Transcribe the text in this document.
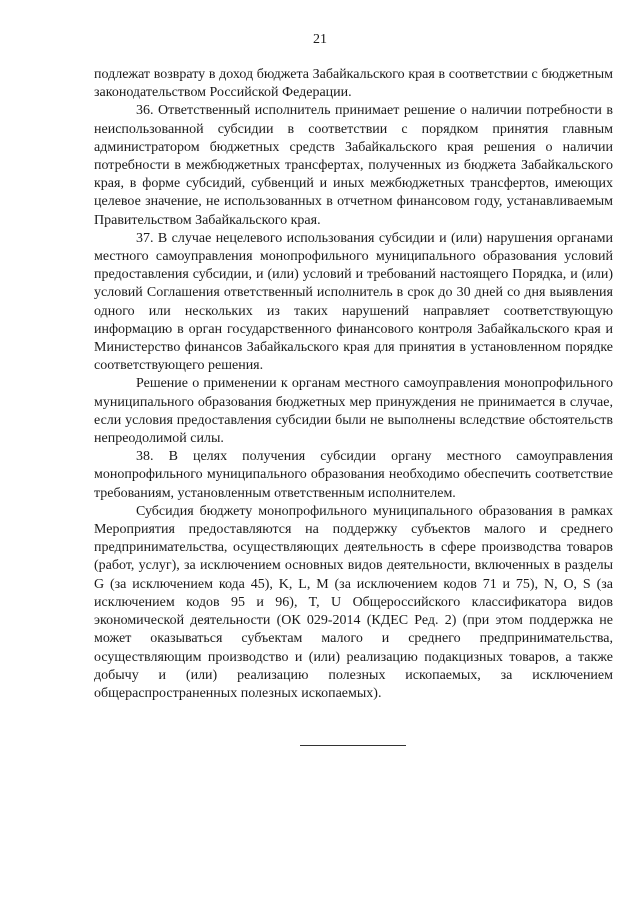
21

подлежат возврату в доход бюджета Забайкальского края в соответствии с бюджетным законодательством Российской Федерации.

36. Ответственный исполнитель принимает решение о наличии потребности в неиспользованной субсидии в соответствии с порядком принятия главным администратором бюджетных средств Забайкальского края решения о наличии потребности в межбюджетных трансфертах, полученных из бюджета Забайкальского края, в форме субсидий, субвенций и иных межбюджетных трансфертов, имеющих целевое значение, не использованных в отчетном финансовом году, устанавливаемым Правительством Забайкальского края.

37. В случае нецелевого использования субсидии и (или) нарушения органами местного самоуправления монопрофильного муниципального образования условий предоставления субсидии, и (или) условий и требований настоящего Порядка, и (или) условий Соглашения ответственный исполнитель в срок до 30 дней со дня выявления одного или нескольких из таких нарушений направляет соответствующую информацию в орган государственного финансового контроля Забайкальского края и Министерство финансов Забайкальского края для принятия в установленном порядке соответствующего решения.

Решение о применении к органам местного самоуправления монопрофильного муниципального образования бюджетных мер принуждения не принимается в случае, если условия предоставления субсидии были не выполнены вследствие обстоятельств непреодолимой силы.

38. В целях получения субсидии органу местного самоуправления монопрофильного муниципального образования необходимо обеспечить соответствие требованиям, установленным ответственным исполнителем.

Субсидия бюджету монопрофильного муниципального образования в рамках Мероприятия предоставляются на поддержку субъектов малого и среднего предпринимательства, осуществляющих деятельность в сфере производства товаров (работ, услуг), за исключением основных видов деятельности, включенных в разделы G (за исключением кода 45), K, L, M (за исключением кодов 71 и 75), N, O, S (за исключением кодов 95 и 96), T, U Общероссийского классификатора видов экономической деятельности (ОК 029-2014 (КДЕС Ред. 2) (при этом поддержка не может оказываться субъектам малого и среднего предпринимательства, осуществляющим производство и (или) реализацию подакцизных товаров, а также добычу и (или) реализацию полезных ископаемых, за исключением общераспространенных полезных ископаемых).
